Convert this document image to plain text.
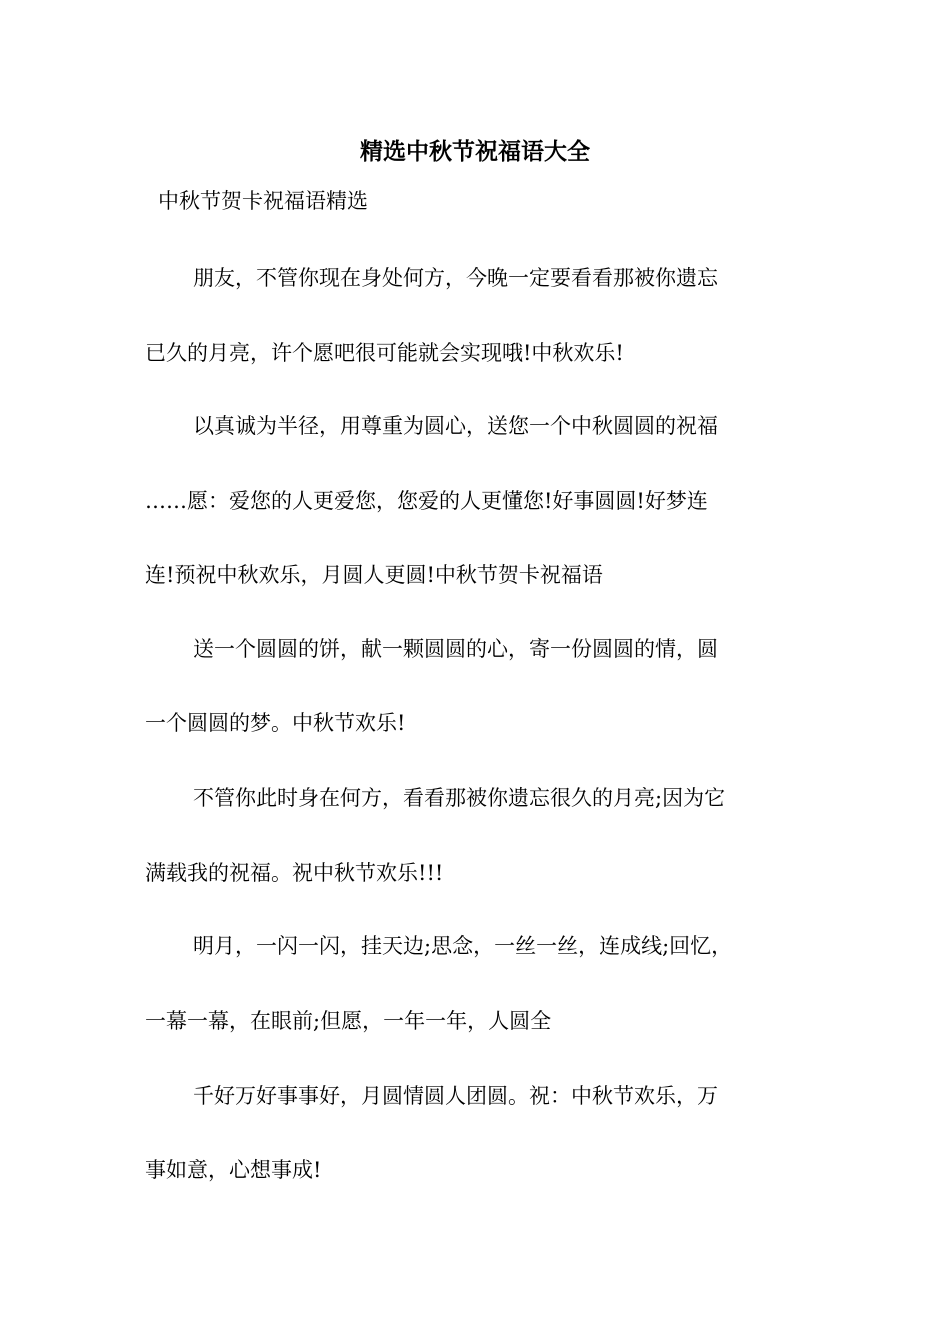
精选中秋节祝福语大全

中秋节贺卡祝福语精选

朋友，不管你现在身处何方，今晚一定要看看那被你遗忘

已久的月亮，许个愿吧很可能就会实现哦!中秋欢乐!

以真诚为半径，用尊重为圆心，送您一个中秋圆圆的祝福

……愿：爱您的人更爱您，您爱的人更懂您!好事圆圆!好梦连

连!预祝中秋欢乐，月圆人更圆!中秋节贺卡祝福语

送一个圆圆的饼，献一颗圆圆的心，寄一份圆圆的情，圆

一个圆圆的梦。中秋节欢乐!

不管你此时身在何方，看看那被你遗忘很久的月亮;因为它

满载我的祝福。祝中秋节欢乐!!!

明月，一闪一闪，挂天边;思念，一丝一丝，连成线;回忆，

一幕一幕，在眼前;但愿，一年一年，人圆全

千好万好事事好，月圆情圆人团圆。祝：中秋节欢乐，万

事如意，心想事成!
